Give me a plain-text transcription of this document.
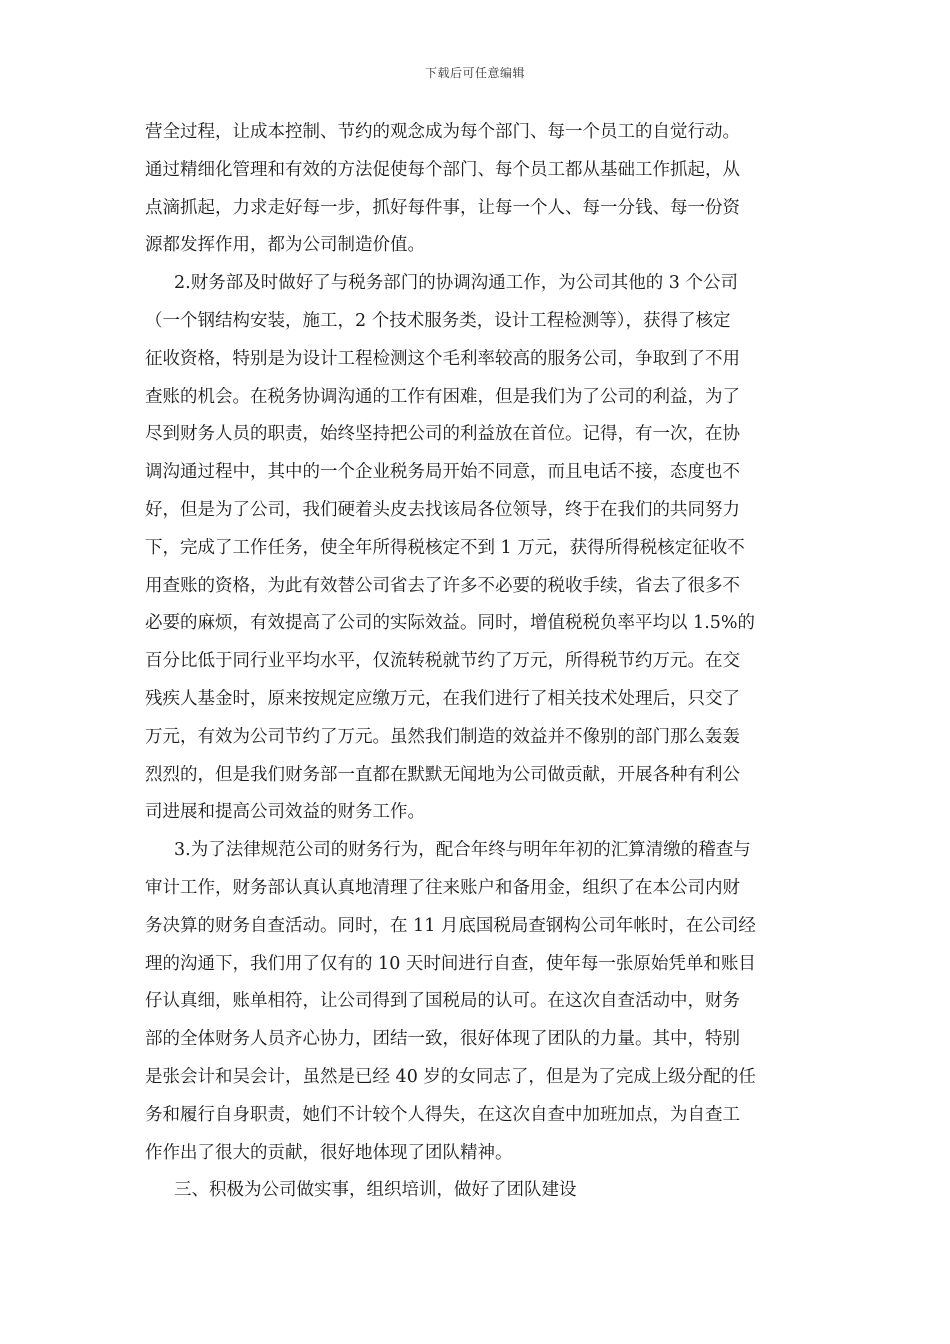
下载后可任意编辑
营全过程，让成本控制、节约的观念成为每个部门、每一个员工的自觉行动。
通过精细化管理和有效的方法促使每个部门、每个员工都从基础工作抓起，从
点滴抓起，力求走好每一步，抓好每件事，让每一个人、每一分钱、每一份资
源都发挥作用，都为公司制造价值。
2.财务部及时做好了与税务部门的协调沟通工作，为公司其他的 3 个公司
（一个钢结构安装，施工，2 个技术服务类，设计工程检测等），获得了核定
征收资格，特别是为设计工程检测这个毛利率较高的服务公司，争取到了不用
查账的机会。在税务协调沟通的工作有困难，但是我们为了公司的利益，为了
尽到财务人员的职责，始终坚持把公司的利益放在首位。记得，有一次，在协
调沟通过程中，其中的一个企业税务局开始不同意，而且电话不接，态度也不
好，但是为了公司，我们硬着头皮去找该局各位领导，终于在我们的共同努力
下，完成了工作任务，使全年所得税核定不到 1 万元，获得所得税核定征收不
用查账的资格，为此有效替公司省去了许多不必要的税收手续，省去了很多不
必要的麻烦，有效提高了公司的实际效益。同时，增值税税负率平均以 1.5%的
百分比低于同行业平均水平，仅流转税就节约了万元，所得税节约万元。在交
残疾人基金时，原来按规定应缴万元，在我们进行了相关技术处理后，只交了
万元，有效为公司节约了万元。虽然我们制造的效益并不像别的部门那么轰轰
烈烈的，但是我们财务部一直都在默默无闻地为公司做贡献，开展各种有利公
司进展和提高公司效益的财务工作。
3.为了法律规范公司的财务行为，配合年终与明年年初的汇算清缴的稽查与
审计工作，财务部认真认真地清理了往来账户和备用金，组织了在本公司内财
务决算的财务自查活动。同时，在 11 月底国税局查钢构公司年帐时，在公司经
理的沟通下，我们用了仅有的 10 天时间进行自查，使年每一张原始凭单和账目
仔认真细，账单相符，让公司得到了国税局的认可。在这次自查活动中，财务
部的全体财务人员齐心协力，团结一致，很好体现了团队的力量。其中，特别
是张会计和吴会计，虽然是已经 40 岁的女同志了，但是为了完成上级分配的任
务和履行自身职责，她们不计较个人得失，在这次自查中加班加点，为自查工
作作出了很大的贡献，很好地体现了团队精神。
三、积极为公司做实事，组织培训，做好了团队建设
